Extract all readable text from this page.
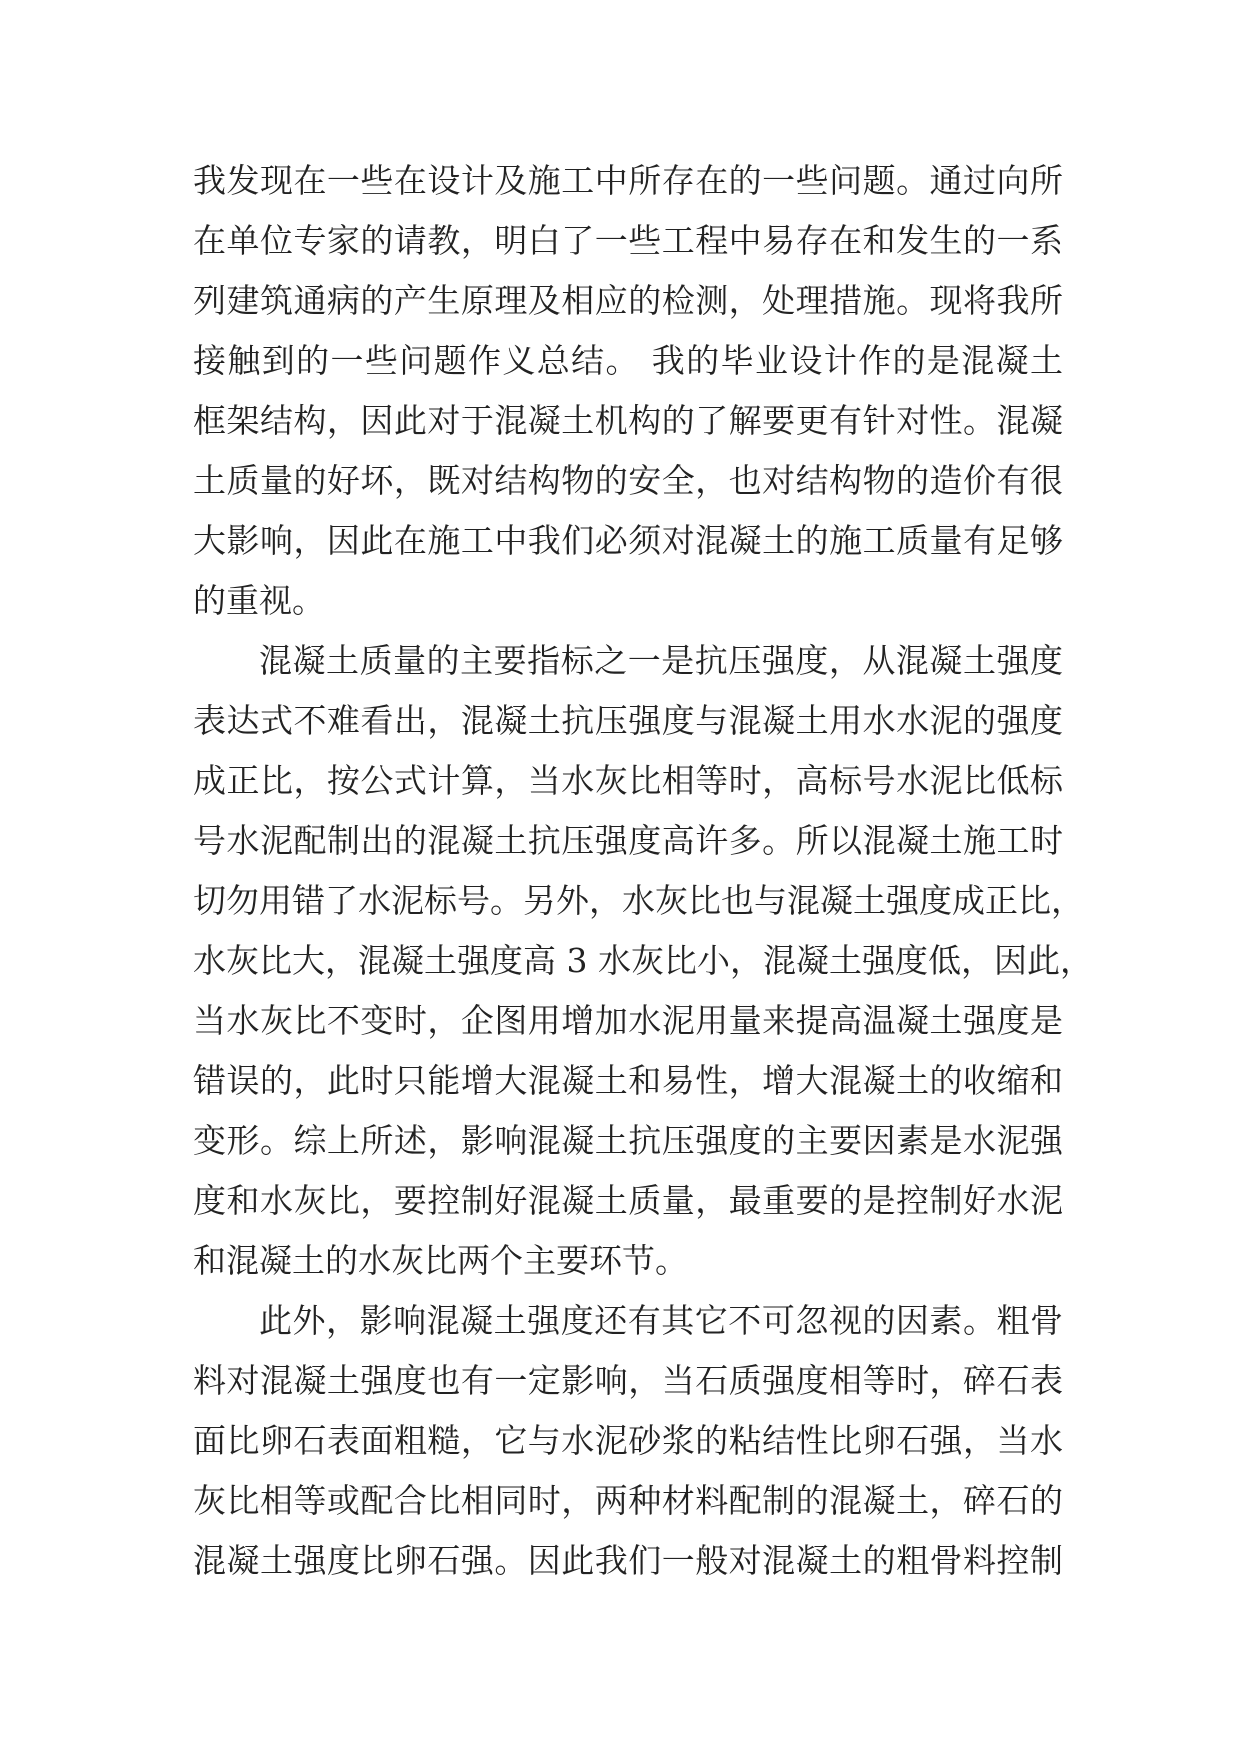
我发现在一些在设计及施工中所存在的一些问题。通过向所
在单位专家的请教，明白了一些工程中易存在和发生的一系
列建筑通病的产生原理及相应的检测，处理措施。现将我所
接触到的一些问题作义总结。 我的毕业设计作的是混凝土
框架结构，因此对于混凝土机构的了解要更有针对性。混凝
土质量的好坏，既对结构物的安全，也对结构物的造价有很
大影响，因此在施工中我们必须对混凝土的施工质量有足够
的重视。
混凝土质量的主要指标之一是抗压强度，从混凝土强度
表达式不难看出，混凝土抗压强度与混凝土用水水泥的强度
成正比，按公式计算，当水灰比相等时，高标号水泥比低标
号水泥配制出的混凝土抗压强度高许多。所以混凝土施工时
切勿用错了水泥标号。另外，水灰比也与混凝土强度成正比，
水灰比大，混凝土强度高 3 水灰比小，混凝土强度低，因此，
当水灰比不变时，企图用增加水泥用量来提高温凝土强度是
错误的，此时只能增大混凝土和易性，增大混凝土的收缩和
变形。综上所述，影响混凝土抗压强度的主要因素是水泥强
度和水灰比，要控制好混凝土质量，最重要的是控制好水泥
和混凝土的水灰比两个主要环节。
此外，影响混凝土强度还有其它不可忽视的因素。粗骨
料对混凝土强度也有一定影响，当石质强度相等时，碎石表
面比卵石表面粗糙，它与水泥砂浆的粘结性比卵石强，当水
灰比相等或配合比相同时，两种材料配制的混凝土，碎石的
混凝土强度比卵石强。因此我们一般对混凝土的粗骨料控制
